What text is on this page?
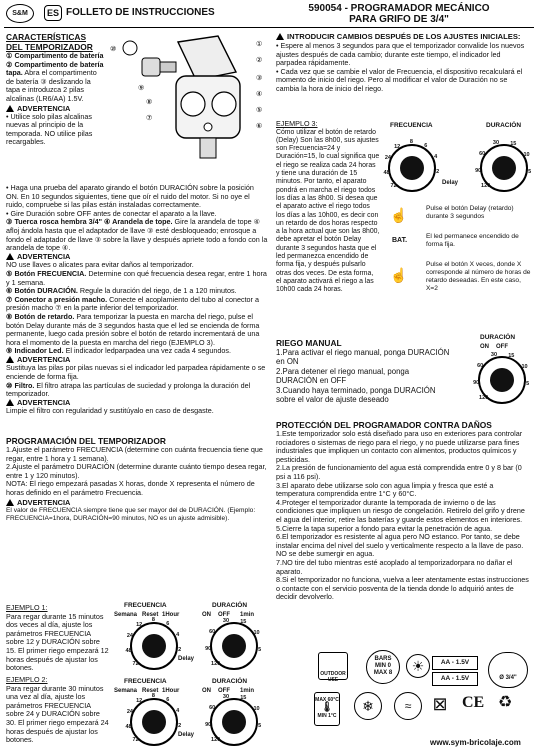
S&M	ES FOLLETO DE INSTRUCCIONES	590054 - PROGRAMADOR MECÁNICO
PARA GRIFO DE 3/4"
CARACTERÍSTICAS
DEL TEMPORIZADOR
① Compartimento de batería
② Compartimento de batería tapa. Abra el compartimento de batería ③ deslizando la tapa e introduzca 2 pilas alcalinas (LR6/AA) 1.5V.
ADVERTENCIA
• Utilice solo pilas alcalinas nuevas al principio de la temporada. NO utilice pilas recargables.
⑩
⑨
⑧
⑦
①
②
③
④
⑤
⑥
• Haga una prueba del aparato girando el botón DURACIÓN sobre la posición ON. En 10 segundos siguientes, tiene que oír el ruido del motor. Si no oye el ruido, compruebe si las pilas están instaladas correctamente.
• Gire Duración sobre OFF antes de conectar el aparato a la llave.
③ Tuerca rosca hembra 3/4" ④ Arandela de tope. Gire la arandela de tope ④ afloj ándola hasta que el adaptador de llave ③ esté desbloqueado; enrosque a fondo el adaptador de llave ③ sobre la llave y después apriete todo a fondo con la arandela de tope ④.
ADVERTENCIA
NO use llaves o alicates para evitar daños al temporizador.
⑤ Botón FRECUENCIA. Determine con qué frecuencia desea regar, entre 1 hora y 1 semana.
⑥ Botón DURACIÓN. Regule la duración del riego, de 1 a 120 minutos.
⑦ Conector a presión macho. Conecte el acoplamiento del tubo al conector a presión macho ⑦ en la parte inferior del temporizador.
⑧ Botón de retardo. Para temporizar la puesta en marcha del riego, pulse el botón Delay durante más de 3 segundos hasta que el led se encienda de forma permanente, luego cada presión sobre el botón de retardo incrementará de una hora el momento de la puesta en marcha del riego (EJEMPLO 3).
⑨ Indicador Led. El indicador ledparpadea una vez cada 4 segundos.
ADVERTENCIA
Sustituya las pilas por pilas nuevas si el indicador led parpadea rápidamente o se enciende de forma fija.
⑩ Filtro. El filtro atrapa las partículas de suciedad y prolonga la duración del temporizador.
ADVERTENCIA
Limpie el filtro con regularidad y sustitúyalo en caso de desgaste.
PROGRAMACIÓN DEL TEMPORIZADOR
1.Ajuste el parámetro FRECUENCIA (determine con cuánta frecuencia tiene que regar, entre 1 hora y 1 semana).
2.Ajuste el parámetro DURACIÓN (determine durante cuánto tiempo desea regar, entre 1 y 120 minutos).
NOTA: El riego empezará pasadas X horas, donde X representa el número de horas definido en el parámetro Frecuencia.
ADVERTENCIA
El valor de FRECUENCIA siempre tiene que ser mayor del de DURACIÓN. (Ejemplo: FRECUENCIA=1hora, DURACIÓN=90 minutos, NO es un ajuste admisible).
EJEMPLO 1:
Para regar durante 15 minutos dos veces al día, ajuste los parámetros FRECUENCIA sobre 12 y DURACIÓN sobre 15. El primer riego empezará 12 horas después de ajustar los botones.
EJEMPLO 2:
Para regar durante 30 minutos una vez al día, ajuste los parámetros FRECUENCIA sobre 24 y DURACIÓN sobre 30. El primer riego empezará 24 horas después de ajustar los botones.
FRECUENCIA	DURACIÓN
Semana Reset 1Hour
72
48
24
12
8
6
4
2
Delay
OFF
ON	1min
120
90
60
30 15
10
5
FRECUENCIA	DURACIÓN
Semana Reset 1Hour
72
48
24
12
8
6
4
2
Delay
OFF
ON	1min
120
90
60
30 15
10
5
INTRODUCIR CAMBIOS DESPUÉS DE LOS AJUSTES INICIALES:
• Espere al menos 3 segundos para que el temporizador convalide los nuevos ajustes después de cada cambio; durante este tiempo, el indicador led parpadea rápidamente.
• Cada vez que se cambie el valor de Frecuencia, el dispositivo recalculará el momento de inicio del riego. Pero al modificar el valor de Duración no se cambia la hora de inicio del riego.
EJEMPLO 3:
Cómo utilizar el botón de retardo (Delay) Son las 8h00, sus ajustes son Frecuencia=24 y Duración=15, lo cual significa que el riego se realiza cada 24 horas y tiene una duración de 15 minutos. Por tanto, el aparato pondrá en marcha el riego todos los días a las 8h00. Si desea que el aparato active el riego todos los días a las 10h00, es decir con un retardo de dos horas respecto a la hora actual que son las 8h00, debe apretar el botón Delay durante 3 segundos hasta que el led permanezca encendido de forma fija, y después pulsarlo otras dos veces. De esta forma, el aparato activará el riego a las 10h00 cada 24 horas.
FRECUENCIA	DURACIÓN
72
48
24
12
8
6
4
2
Delay
120
90
60
30 15
10
5
☝	Pulse el botón Delay (retardo) durante 3 segundos
BAT.
El led permanece encendido de forma fija.
☝
Pulse el botón X veces, donde X corresponde al número de horas de retardo deseadas. En este caso, X=2
RIEGO MANUAL
1.Para activar el riego manual, ponga DURACIÓN en ON
2.Para detener el riego manual, ponga DURACIÓN en OFF
3.Cuando haya terminado, ponga DURACIÓN sobre el valor de ajuste deseado
DURACIÓN
ON OFF
120
90
60
30 15
10
5
PROTECCIÓN DEL PROGRAMADOR CONTRA DAÑOS
1.Este temporizador solo está diseñado para uso en exteriores para controlar rociadores o sistemas de riego para el riego, y no puede utilizarse para fines industriales que impliquen un contacto con alimentos, productos químicos y pesticidas.
2.La presión de funcionamiento del agua está comprendida entre 0 y 8 bar (0 psi a 116 psi).
3.El aparato debe utilizarse solo con agua limpia y fresca que esté a temperatura comprendida entre 1°C y 60°C.
4.Proteger el temporizador durante la temporada de invierno o de las condiciones que impliquen un riesgo de congelación. Retirelo del grifo y drene el agua del interior, retire las baterías y guarde estos elementos en interiores.
5.Cierre la tapa superior a fondo para evitar la penetración de agua.
6.El temporizador es resistente al agua pero NO estanco. Por tanto, se debe instalar encima del nivel del suelo y verticalmente respecto a la llave de paso. NO se debe sumergir en agua.
7.NO tire del tubo mientras esté acoplado al temporizadorpara no dañar el aparato.
8.Si el temporizador no funciona, vuelva a leer atentamente estas instrucciones o contacte con el servicio posventa de la tienda donde lo adquirió antes de decidir devolverlo.
OUTDOOR USE
BARS
MIN 0
MAX 8	☀	AA - 1.5V
AA - 1.5V	Ø 3/4"
MAX 60°C
🌡
MIN 1°C
❄	≈	⊠ CE ♻
www.sym-bricolaje.com
